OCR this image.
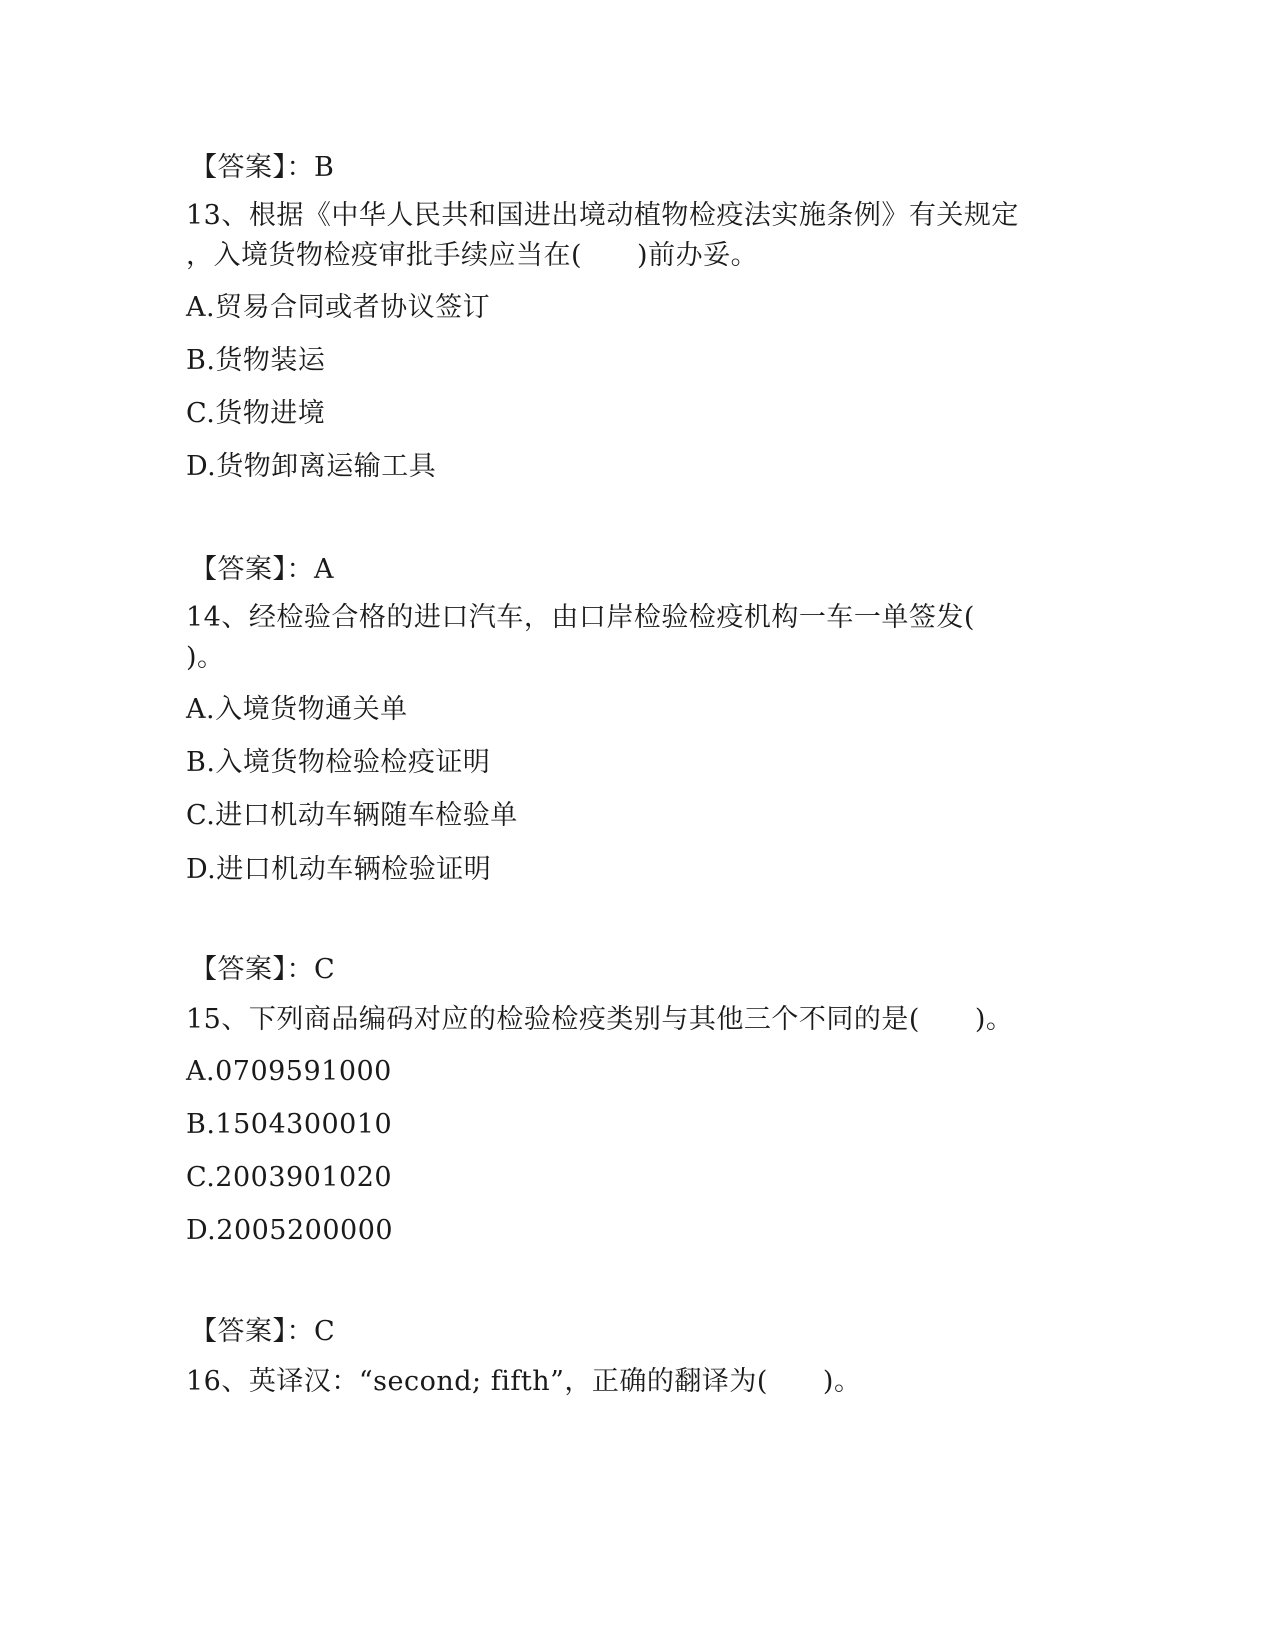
【答案】：B
13、根据《中华人民共和国进出境动植物检疫法实施条例》有关规定
，入境货物检疫审批手续应当在(　　)前办妥。
A.贸易合同或者协议签订
B.货物装运
C.货物进境
D.货物卸离运输工具
【答案】：A
14、经检验合格的进口汽车，由口岸检验检疫机构一车一单签发(
)。
A.入境货物通关单
B.入境货物检验检疫证明
C.进口机动车辆随车检验单
D.进口机动车辆检验证明
【答案】：C
15、下列商品编码对应的检验检疫类别与其他三个不同的是(　　)。
A.0709591000
B.1504300010
C.2003901020
D.2005200000
【答案】：C
16、英译汉：“second; fifth”，正确的翻译为(　　)。
